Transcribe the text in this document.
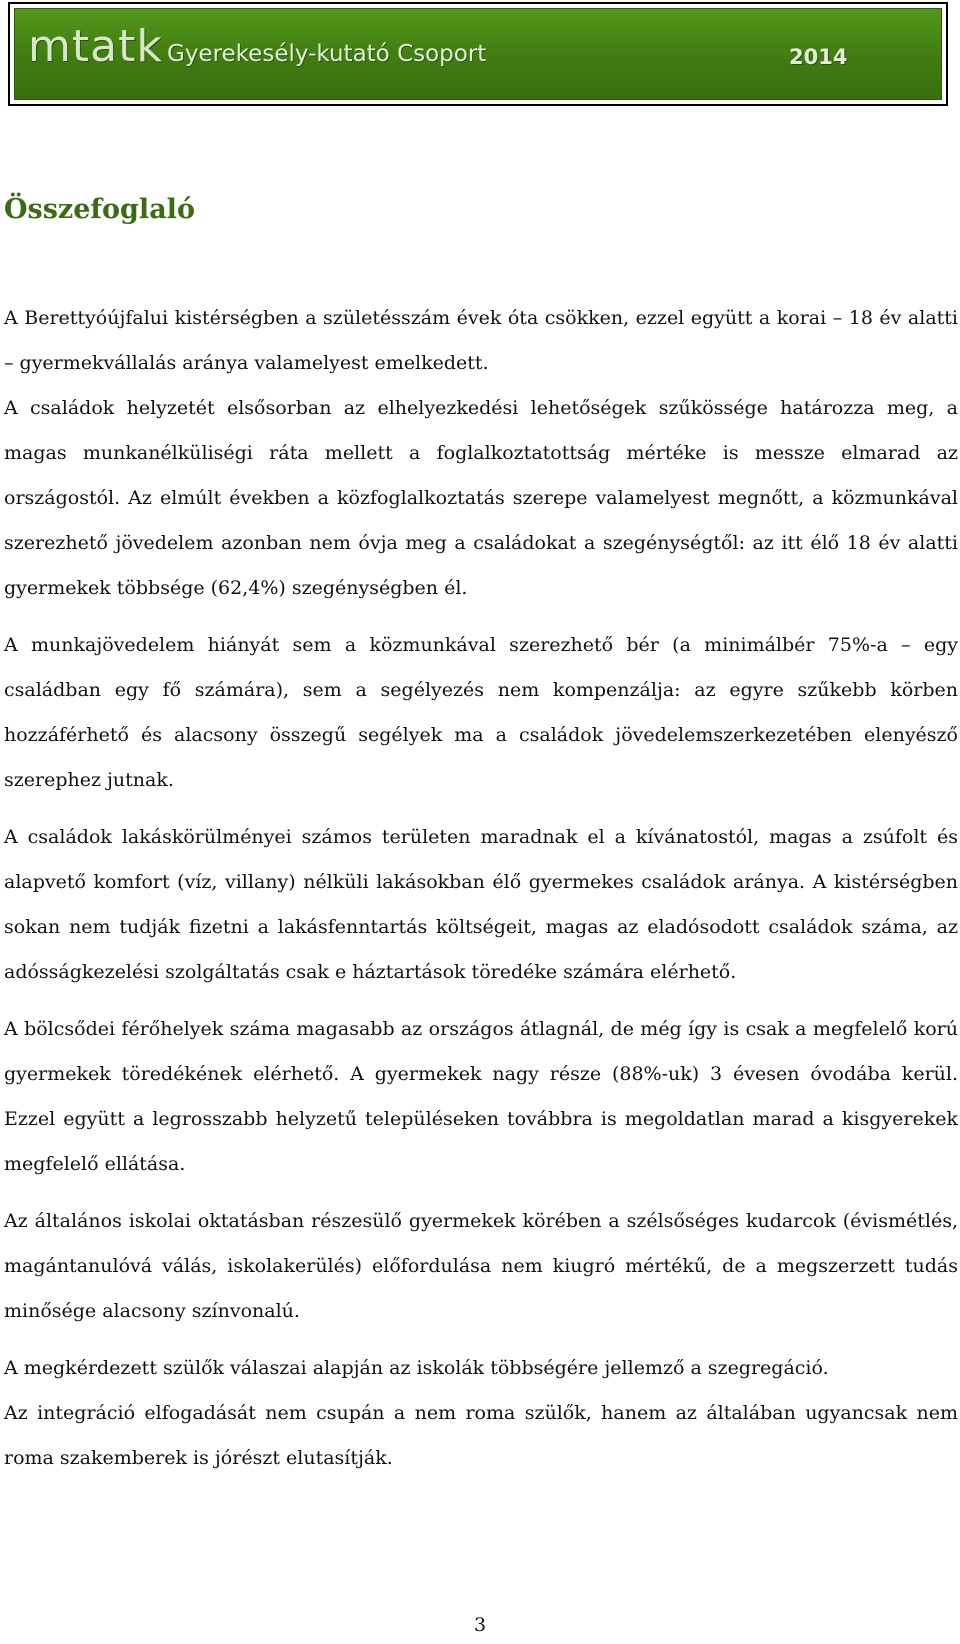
mtatk Gyerekesély-kutató Csoport	2014
Összefoglaló

A Berettyóújfalui kistérségben a születésszám évek óta csökken, ezzel együtt a korai – 18 év alatti – gyermekvállalás aránya valamelyest emelkedett.

A családok helyzetét elsősorban az elhelyezkedési lehetőségek szűkössége határozza meg, a magas munkanélküliségi ráta mellett a foglalkoztatottság mértéke is messze elmarad az országostól. Az elmúlt években a közfoglalkoztatás szerepe valamelyest megnőtt, a közmunkával szerezhető jövedelem azonban nem óvja meg a családokat a szegénységtől: az itt élő 18 év alatti gyermekek többsége (62,4%) szegénységben él.

A munkajövedelem hiányát sem a közmunkával szerezhető bér (a minimálbér 75%-a – egy családban egy fő számára), sem a segélyezés nem kompenzálja: az egyre szűkebb körben hozzáférhető és alacsony összegű segélyek ma a családok jövedelemszerkezetében elenyésző szerephez jutnak.

A családok lakáskörülményei számos területen maradnak el a kívánatostól, magas a zsúfolt és alapvető komfort (víz, villany) nélküli lakásokban élő gyermekes családok aránya. A kistérségben sokan nem tudják fizetni a lakásfenntartás költségeit, magas az eladósodott családok száma, az adósságkezelési szolgáltatás csak e háztartások töredéke számára elérhető.

A bölcsődei férőhelyek száma magasabb az országos átlagnál, de még így is csak a megfelelő korú gyermekek töredékének elérhető. A gyermekek nagy része (88%-uk) 3 évesen óvodába kerül. Ezzel együtt a legrosszabb helyzetű településeken továbbra is megoldatlan marad a kisgyerekek megfelelő ellátása.

Az általános iskolai oktatásban részesülő gyermekek körében a szélsőséges kudarcok (évismétlés, magántanulóvá válás, iskolakerülés) előfordulása nem kiugró mértékű, de a megszerzett tudás minősége alacsony színvonalú.

A megkérdezett szülők válaszai alapján az iskolák többségére jellemző a szegregáció.

Az integráció elfogadását nem csupán a nem roma szülők, hanem az általában ugyancsak nem roma szakemberek is jórészt elutasítják.

3
